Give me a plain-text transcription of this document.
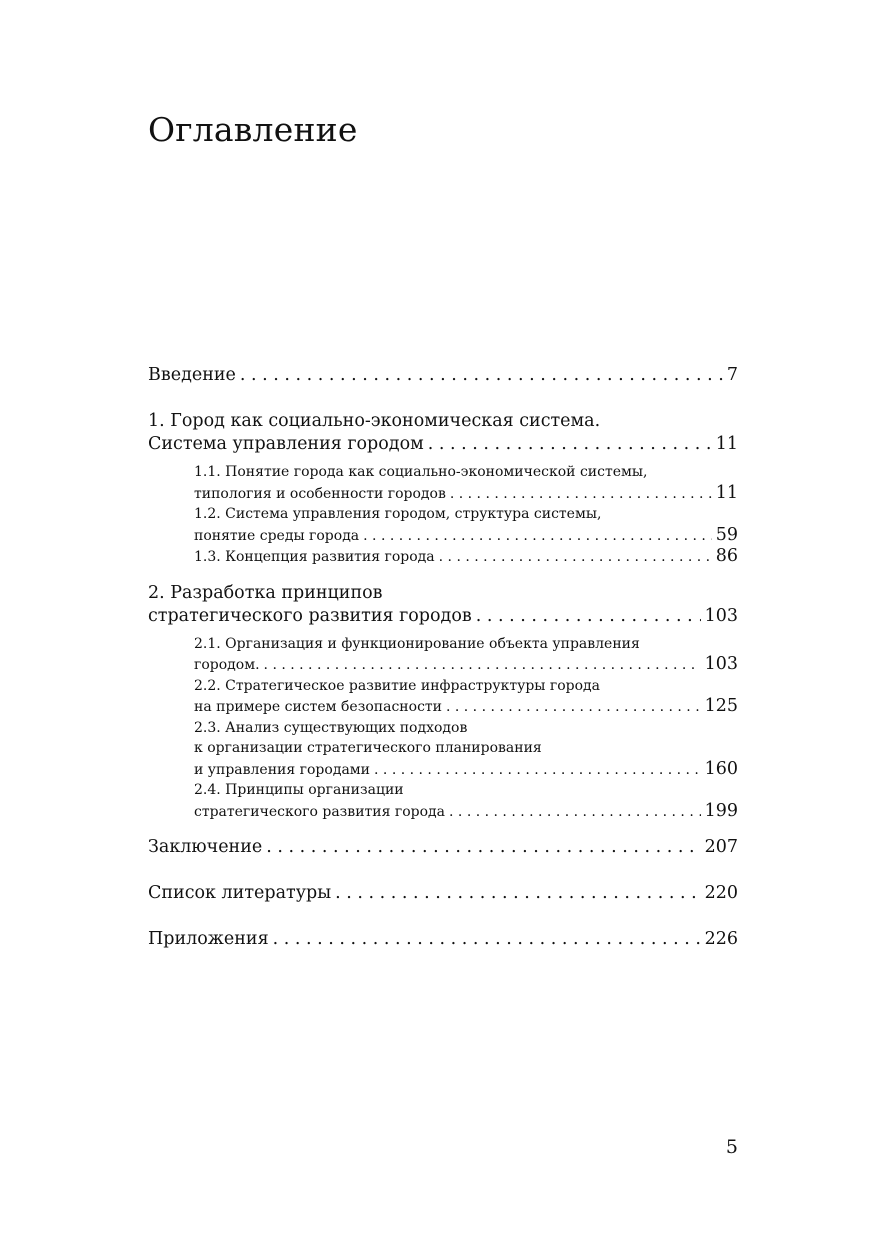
Оглавление
Введение . . .	7
1. Город как социально-экономическая система.
Система управления городом . . .	11
1.1. Понятие города как социально-экономической системы,
типология и особенности городов . . .	11
1.2. Система управления городом, структура системы,
понятие среды города . . .	59
1.3. Концепция развития города . . .	86
2. Разработка принципов
стратегического развития городов . . .	103
2.1. Организация и функционирование объекта управления
городом. . . .	103
2.2. Стратегическое развитие инфраструктуры города
на примере систем безопасности . . .	125
2.3. Анализ существующих подходов
к организации стратегического планирования
и управления городами . . .	160
2.4. Принципы организации
стратегического развития города . . .	199
Заключение . . .	207
Список литературы . . .	220
Приложения . . .	226
5
